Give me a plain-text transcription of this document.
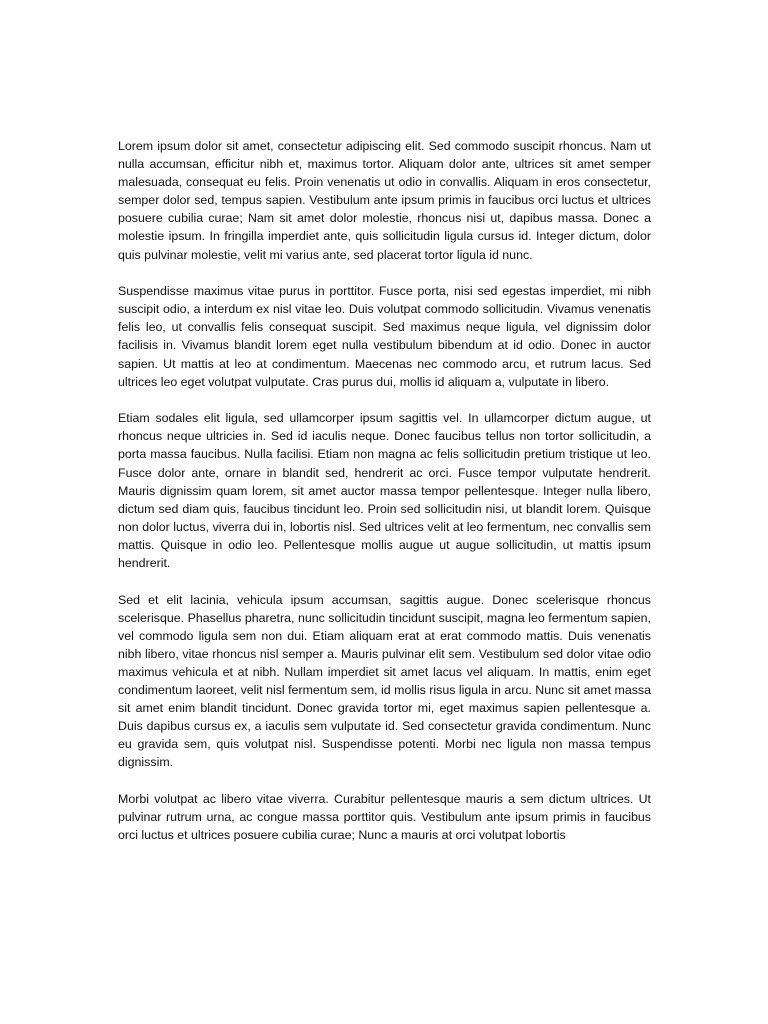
Lorem ipsum dolor sit amet, consectetur adipiscing elit. Sed commodo suscipit rhoncus. Nam ut nulla accumsan, efficitur nibh et, maximus tortor. Aliquam dolor ante, ultrices sit amet semper malesuada, consequat eu felis. Proin venenatis ut odio in convallis. Aliquam in eros consectetur, semper dolor sed, tempus sapien. Vestibulum ante ipsum primis in faucibus orci luctus et ultrices posuere cubilia curae; Nam sit amet dolor molestie, rhoncus nisi ut, dapibus massa. Donec a molestie ipsum. In fringilla imperdiet ante, quis sollicitudin ligula cursus id. Integer dictum, dolor quis pulvinar molestie, velit mi varius ante, sed placerat tortor ligula id nunc.

Suspendisse maximus vitae purus in porttitor. Fusce porta, nisi sed egestas imperdiet, mi nibh suscipit odio, a interdum ex nisl vitae leo. Duis volutpat commodo sollicitudin. Vivamus venenatis felis leo, ut convallis felis consequat suscipit. Sed maximus neque ligula, vel dignissim dolor facilisis in. Vivamus blandit lorem eget nulla vestibulum bibendum at id odio. Donec in auctor sapien. Ut mattis at leo at condimentum. Maecenas nec commodo arcu, et rutrum lacus. Sed ultrices leo eget volutpat vulputate. Cras purus dui, mollis id aliquam a, vulputate in libero.

Etiam sodales elit ligula, sed ullamcorper ipsum sagittis vel. In ullamcorper dictum augue, ut rhoncus neque ultricies in. Sed id iaculis neque. Donec faucibus tellus non tortor sollicitudin, a porta massa faucibus. Nulla facilisi. Etiam non magna ac felis sollicitudin pretium tristique ut leo. Fusce dolor ante, ornare in blandit sed, hendrerit ac orci. Fusce tempor vulputate hendrerit. Mauris dignissim quam lorem, sit amet auctor massa tempor pellentesque. Integer nulla libero, dictum sed diam quis, faucibus tincidunt leo. Proin sed sollicitudin nisi, ut blandit lorem. Quisque non dolor luctus, viverra dui in, lobortis nisl. Sed ultrices velit at leo fermentum, nec convallis sem mattis. Quisque in odio leo. Pellentesque mollis augue ut augue sollicitudin, ut mattis ipsum hendrerit.

Sed et elit lacinia, vehicula ipsum accumsan, sagittis augue. Donec scelerisque rhoncus scelerisque. Phasellus pharetra, nunc sollicitudin tincidunt suscipit, magna leo fermentum sapien, vel commodo ligula sem non dui. Etiam aliquam erat at erat commodo mattis. Duis venenatis nibh libero, vitae rhoncus nisl semper a. Mauris pulvinar elit sem. Vestibulum sed dolor vitae odio maximus vehicula et at nibh. Nullam imperdiet sit amet lacus vel aliquam. In mattis, enim eget condimentum laoreet, velit nisl fermentum sem, id mollis risus ligula in arcu. Nunc sit amet massa sit amet enim blandit tincidunt. Donec gravida tortor mi, eget maximus sapien pellentesque a. Duis dapibus cursus ex, a iaculis sem vulputate id. Sed consectetur gravida condimentum. Nunc eu gravida sem, quis volutpat nisl. Suspendisse potenti. Morbi nec ligula non massa tempus dignissim.

Morbi volutpat ac libero vitae viverra. Curabitur pellentesque mauris a sem dictum ultrices. Ut pulvinar rutrum urna, ac congue massa porttitor quis. Vestibulum ante ipsum primis in faucibus orci luctus et ultrices posuere cubilia curae; Nunc a mauris at orci volutpat lobortis
